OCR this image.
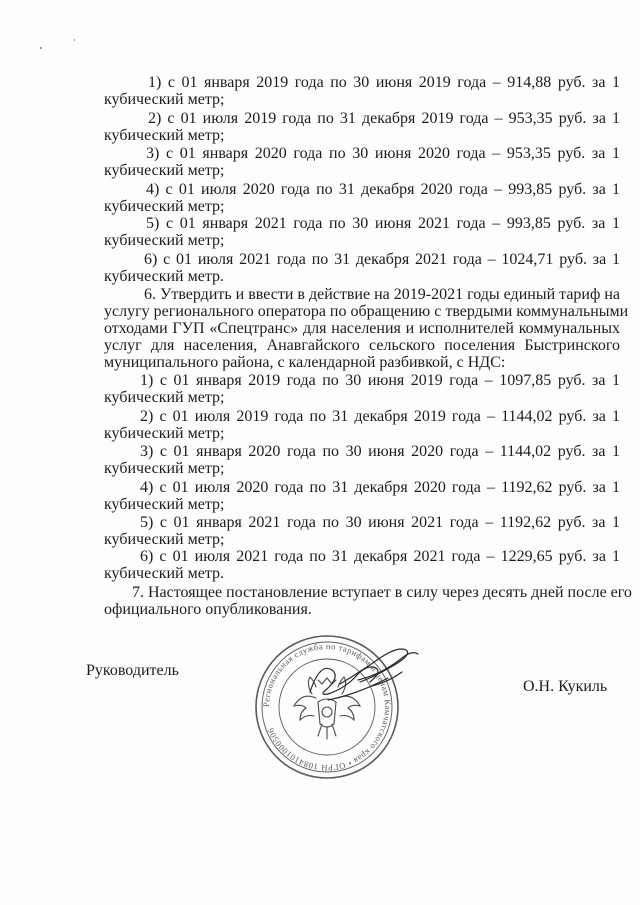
1) с 01 января 2019 года по 30 июня 2019 года – 914,88 руб. за 1
кубический метр;
2) с 01 июля 2019 года по 31 декабря 2019 года – 953,35 руб. за 1
кубический метр;
3) с 01 января 2020 года по 30 июня 2020 года – 953,35 руб. за 1
кубический метр;
4) с 01 июля 2020 года по 31 декабря 2020 года – 993,85 руб. за 1
кубический метр;
5) с 01 января 2021 года по 30 июня 2021 года – 993,85 руб. за 1
кубический метр;
6) с 01 июля 2021 года по 31 декабря 2021 года – 1024,71 руб. за 1
кубический метр.
6. Утвердить и ввести в действие на 2019-2021 годы единый тариф на
услугу регионального оператора по обращению с твердыми коммунальными
отходами ГУП «Спецтранс» для населения и исполнителей коммунальных
услуг для населения, Анавгайского сельского поселения Быстринского
муниципального района, с календарной разбивкой, с НДС:
1) с 01 января 2019 года по 30 июня 2019 года – 1097,85 руб. за 1
кубический метр;
2) с 01 июля 2019 года по 31 декабря 2019 года – 1144,02 руб. за 1
кубический метр;
3) с 01 января 2020 года по 30 июня 2020 года – 1144,02 руб. за 1
кубический метр;
4) с 01 июля 2020 года по 31 декабря 2020 года – 1192,62 руб. за 1
кубический метр;
5) с 01 января 2021 года по 30 июня 2021 года – 1192,62 руб. за 1
кубический метр;
6) с 01 июля 2021 года по 31 декабря 2021 года – 1229,65 руб. за 1
кубический метр.
7. Настоящее постановление вступает в силу через десять дней после его
официального опубликования.
Руководитель
О.Н. Кукиль
Региональная служба по тарифам и ценам Камчатского края • ОГРН 1084101000506
